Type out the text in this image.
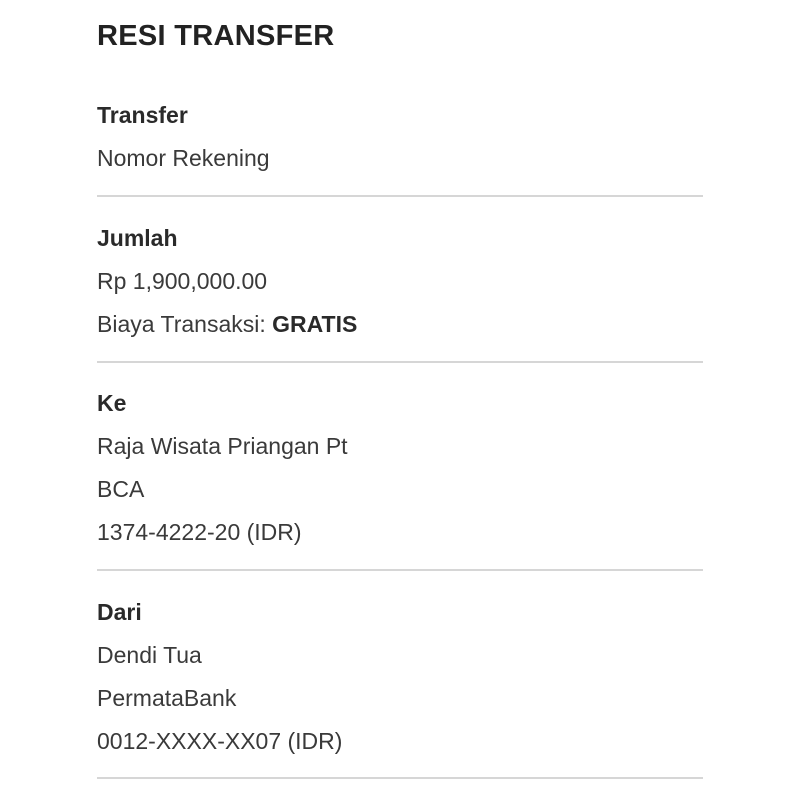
RESI TRANSFER
Transfer
Nomor Rekening
Jumlah
Rp 1,900,000.00
Biaya Transaksi: GRATIS
Ke
Raja Wisata Priangan Pt
BCA
1374-4222-20 (IDR)
Dari
Dendi Tua
PermataBank
0012-XXXX-XX07 (IDR)
